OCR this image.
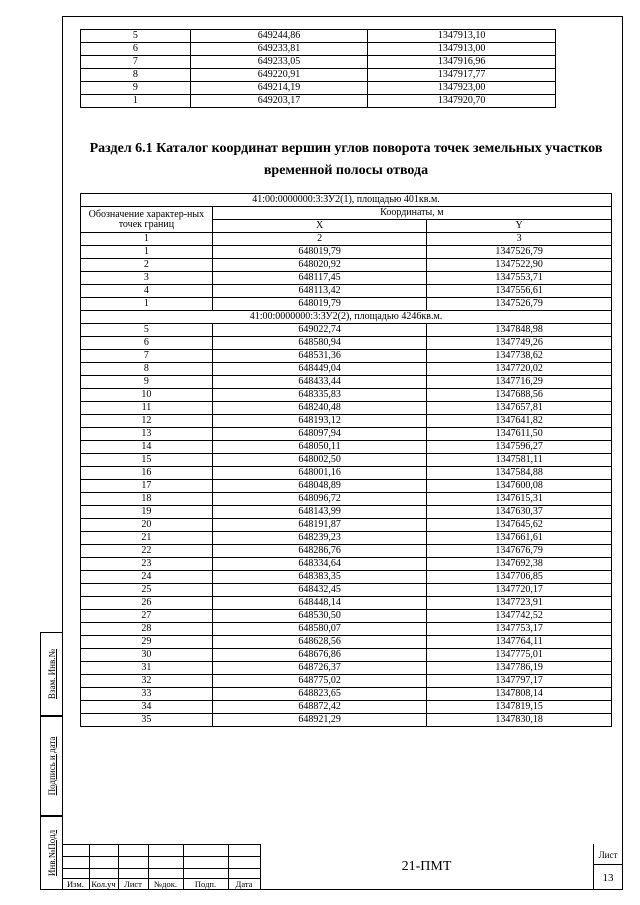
Взам. Инв.№
Подпись и дата
Инв.№Подл
5	649244,86	1347913,10
6	649233,81	1347913,00
7	649233,05	1347916,96
8	649220,91	1347917,77
9	649214,19	1347923,00
1	649203,17	1347920,70
Раздел 6.1 Каталог координат вершин углов поворота точек земельных участков временной полосы отвода
41:00:0000000:3:ЗУ2(1), площадью 401кв.м.		
Обозначение характер-ных точек границ	Координаты, м	
	X	Y
1	2	3
1	648019,79	1347526,79
2	648020,92	1347522,90
3	648117,45	1347553,71
4	648113,42	1347556,61
1	648019,79	1347526,79
41:00:0000000:3:ЗУ2(2), площадью 4246кв.м.		
5	649022,74	1347848,98
6	648580,94	1347749,26
7	648531,36	1347738,62
8	648449,04	1347720,02
9	648433,44	1347716,29
10	648335,83	1347688,56
11	648240,48	1347657,81
12	648193,12	1347641,82
13	648097,94	1347611,50
14	648050,11	1347596,27
15	648002,50	1347581,11
16	648001,16	1347584,88
17	648048,89	1347600,08
18	648096,72	1347615,31
19	648143,99	1347630,37
20	648191,87	1347645,62
21	648239,23	1347661,61
22	648286,76	1347676,79
23	648334,64	1347692,38
24	648383,35	1347706,85
25	648432,45	1347720,17
26	648448,14	1347723,91
27	648530,50	1347742,52
28	648580,07	1347753,17
29	648628,56	1347764,11
30	648676,86	1347775,01
31	648726,37	1347786,19
32	648775,02	1347797,17
33	648823,65	1347808,14
34	648872,42	1347819,15
35	648921,29	1347830,18
Изм. Кол.уч Лист	№док.	Подп.	Дата
21-ПМТ
Лист
13
